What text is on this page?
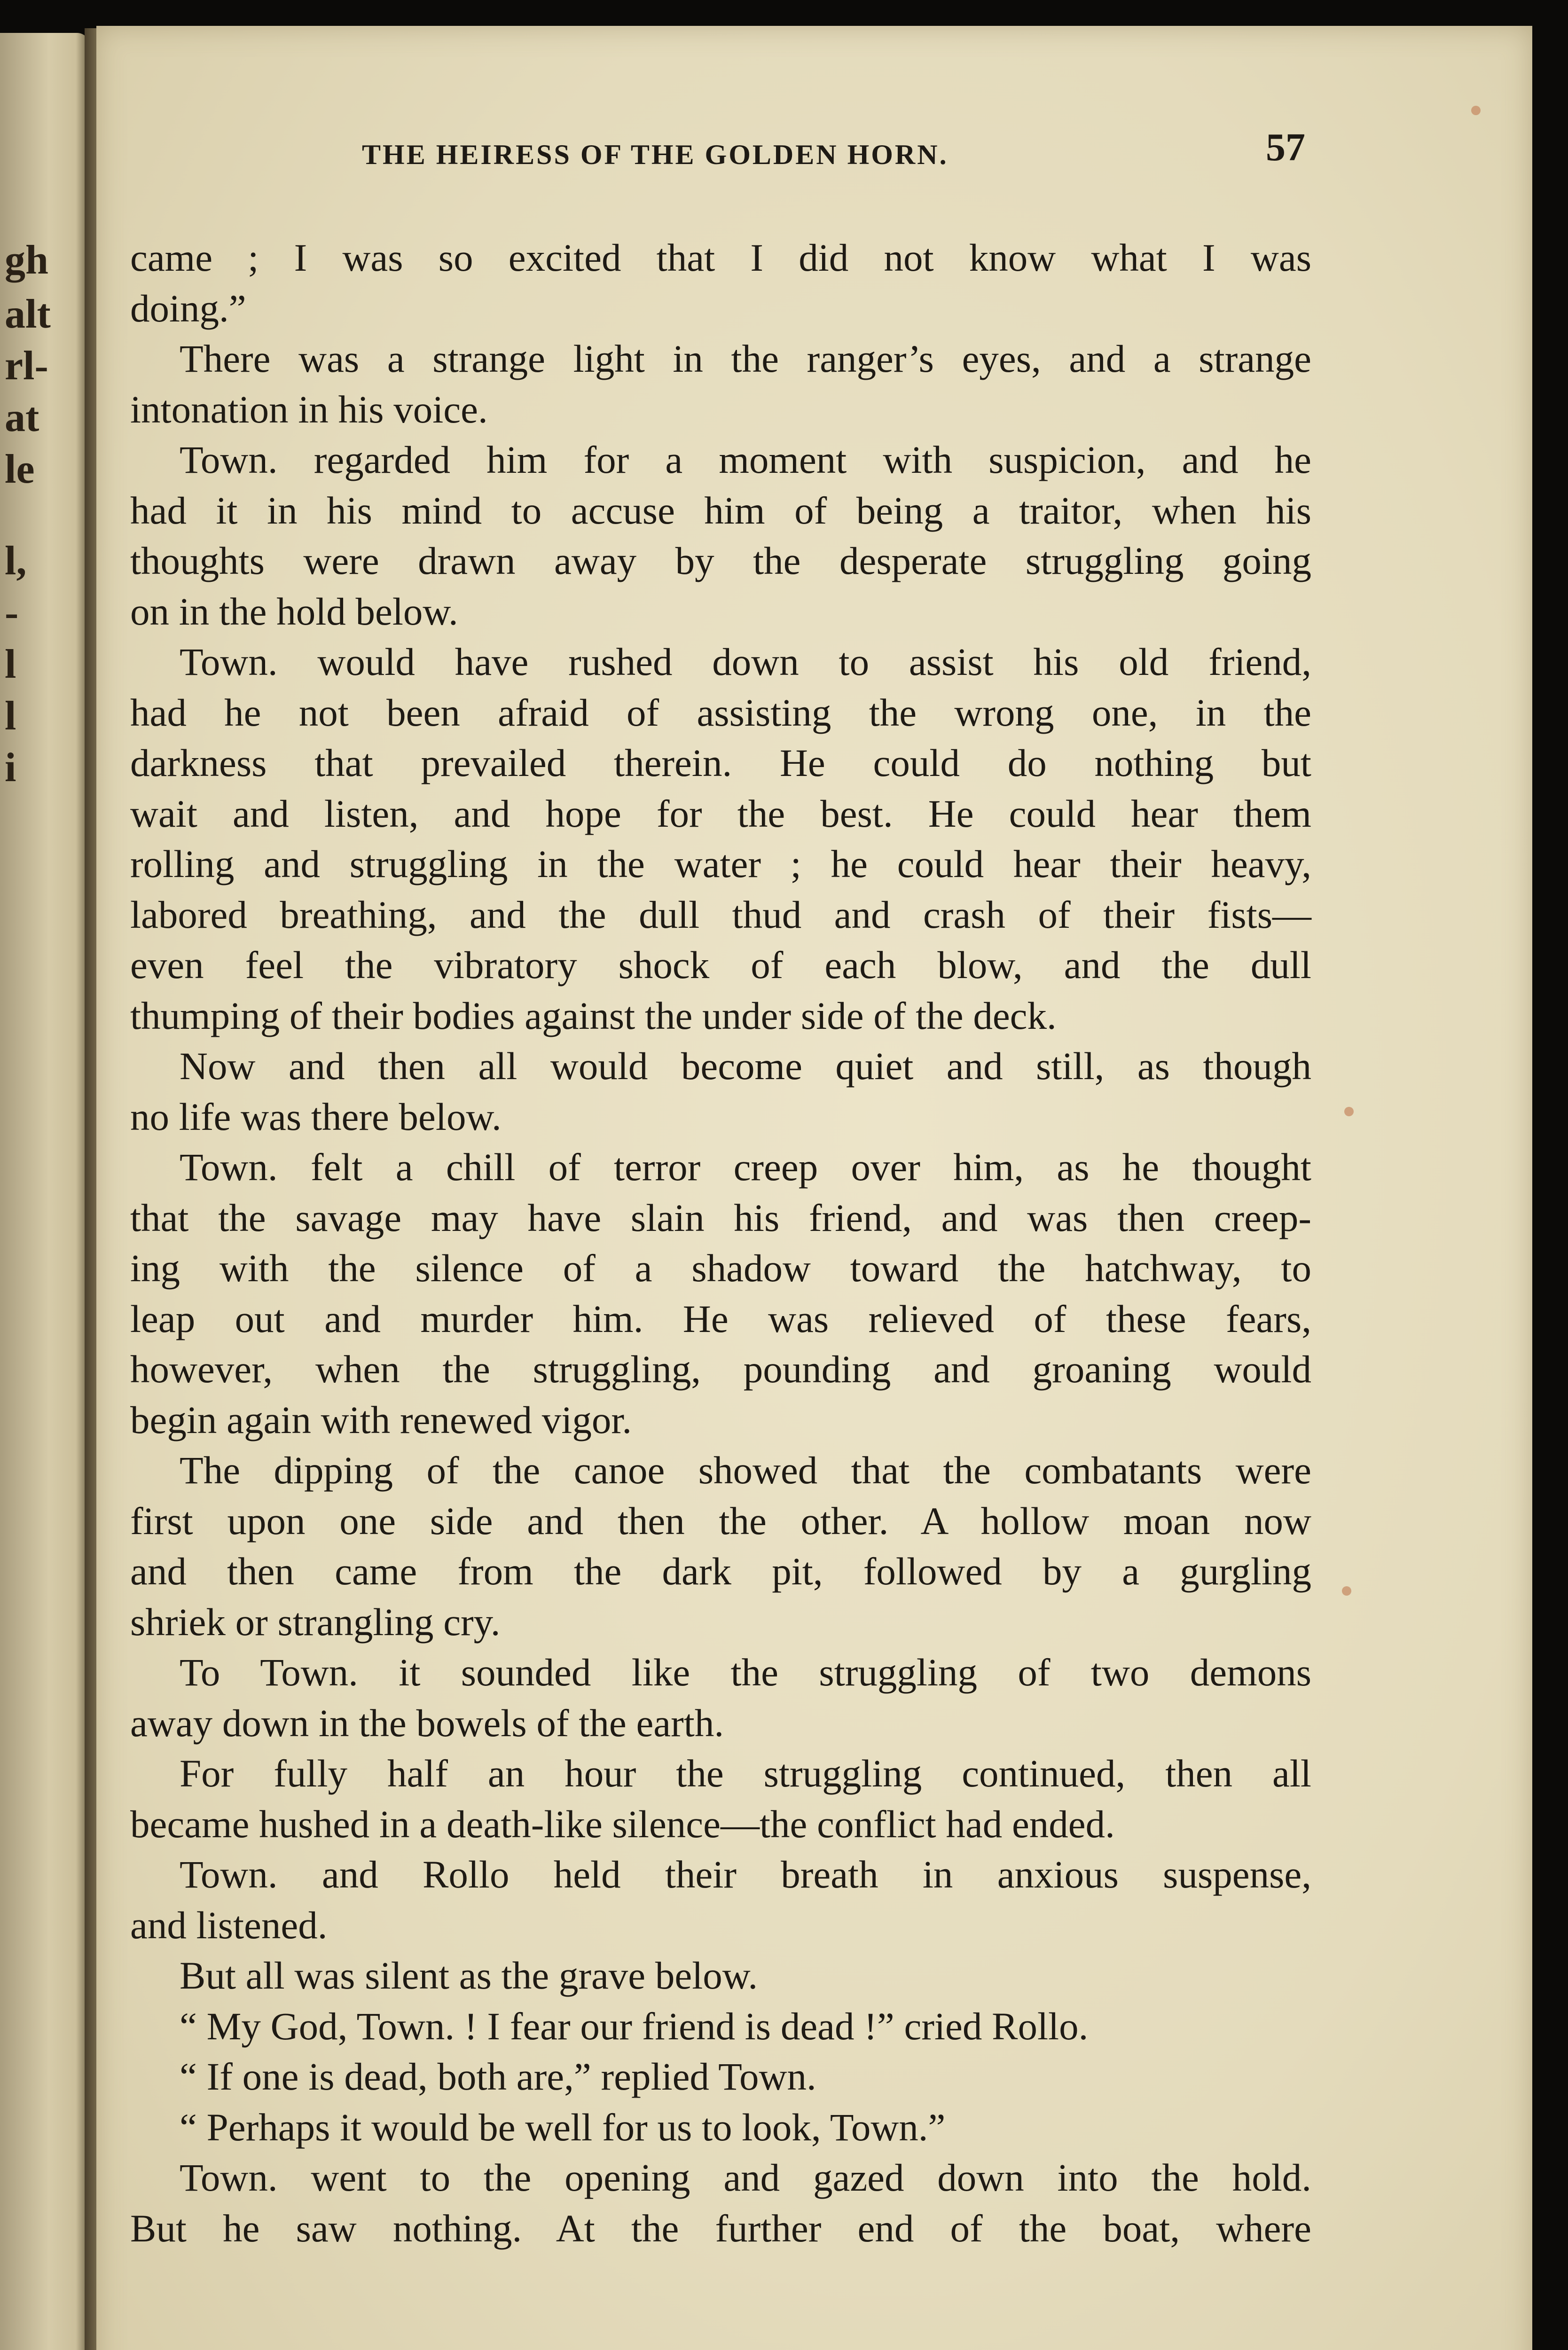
gh
alt
rl-
at
le
l,
-
l
l
i
THE HEIRESS OF THE GOLDEN HORN.	57

came ; I was so excited that I did not know what I was

doing.”

There was a strange light in the ranger’s eyes, and a strange

intonation in his voice.

Town. regarded him for a moment with suspicion, and he

had it in his mind to accuse him of being a traitor, when his

thoughts were drawn away by the desperate struggling going

on in the hold below.

Town. would have rushed down to assist his old friend,

had he not been afraid of assisting the wrong one, in the

darkness that prevailed therein. He could do nothing but

wait and listen, and hope for the best. He could hear them

rolling and struggling in the water ; he could hear their heavy,

labored breathing, and the dull thud and crash of their fists—

even feel the vibratory shock of each blow, and the dull

thumping of their bodies against the under side of the deck.

Now and then all would become quiet and still, as though

no life was there below.

Town. felt a chill of terror creep over him, as he thought

that the savage may have slain his friend, and was then creep-

ing with the silence of a shadow toward the hatchway, to

leap out and murder him. He was relieved of these fears,

however, when the struggling, pounding and groaning would

begin again with renewed vigor.

The dipping of the canoe showed that the combatants were

first upon one side and then the other. A hollow moan now

and then came from the dark pit, followed by a gurgling

shriek or strangling cry.

To Town. it sounded like the struggling of two demons

away down in the bowels of the earth.

For fully half an hour the struggling continued, then all

became hushed in a death-like silence—the conflict had ended.

Town. and Rollo held their breath in anxious suspense,

and listened.

But all was silent as the grave below.

“ My God, Town. ! I fear our friend is dead !” cried Rollo.

“ If one is dead, both are,” replied Town.

“ Perhaps it would be well for us to look, Town.”

Town. went to the opening and gazed down into the hold.

But he saw nothing. At the further end of the boat, where
